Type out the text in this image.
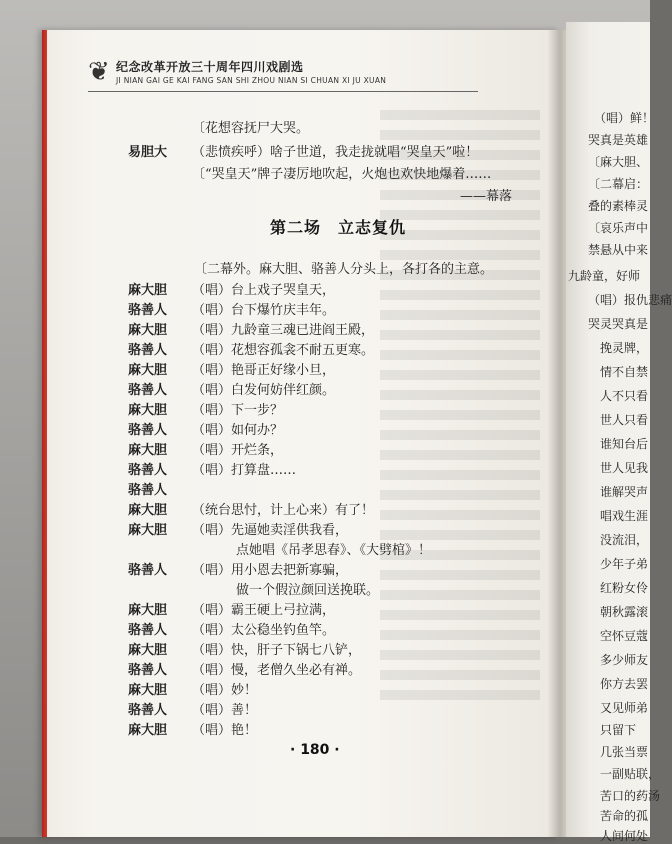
❦ 纪念改革开放三十周年四川戏剧选
JI NIAN GAI GE KAI FANG SAN SHI ZHOU NIAN SI CHUAN XI JU XUAN
〔花想容抚尸大哭。
易胆大 （悲愤疾呼）啥子世道，我走拢就唱“哭皇天”啦！
〔“哭皇天”牌子凄厉地吹起，火炮也欢快地爆着……
——幕落
第二场　立志复仇
〔二幕外。麻大胆、骆善人分头上，各打各的主意。
麻大胆 （唱）台上戏子哭皇天，
骆善人 （唱）台下爆竹庆丰年。
麻大胆 （唱）九龄童三魂已进阎王殿，
骆善人 （唱）花想容孤衾不耐五更寒。
麻大胆 （唱）艳哥正好缘小旦，
骆善人 （唱）白发何妨伴红颜。
麻大胆 （唱）下一步？
骆善人 （唱）如何办？
麻大胆 （唱）开烂条，
骆善人 （唱）打算盘……
骆善人
麻大胆 （统台思忖，计上心来）有了！
麻大胆 （唱）先逼她卖淫供我看，
点她唱《吊孝思春》、《大劈棺》！
骆善人 （唱）用小恩去把新寡骗，
做一个假泣颜回送挽联。
麻大胆 （唱）霸王硬上弓拉满，
骆善人 （唱）太公稳坐钓鱼竿。
麻大胆 （唱）快，肝子下锅七八铲，
骆善人 （唱）慢，老僧久坐必有禅。
麻大胆 （唱）妙！
骆善人 （唱）善！
麻大胆 （唱）艳！
· 180 ·
（唱）鲜！
哭真是英雄
〔麻大胆、
〔二幕启：
叠的素棒灵
〔哀乐声中
禁悬从中来
九龄童，好师
（唱）报仇悲痛
哭灵哭真是
挽灵牌，
情不自禁
人不只看
世人只看
谁知台后
世人见我
谁解哭声
唱戏生涯
没流泪，
少年子弟
红粉女伶
朝秋露滚
空怀豆蔻
多少师友
你方去罢
又见师弟
只留下
几张当票
一副贴联，
苦口的药汤
苦命的孤
人间何处
